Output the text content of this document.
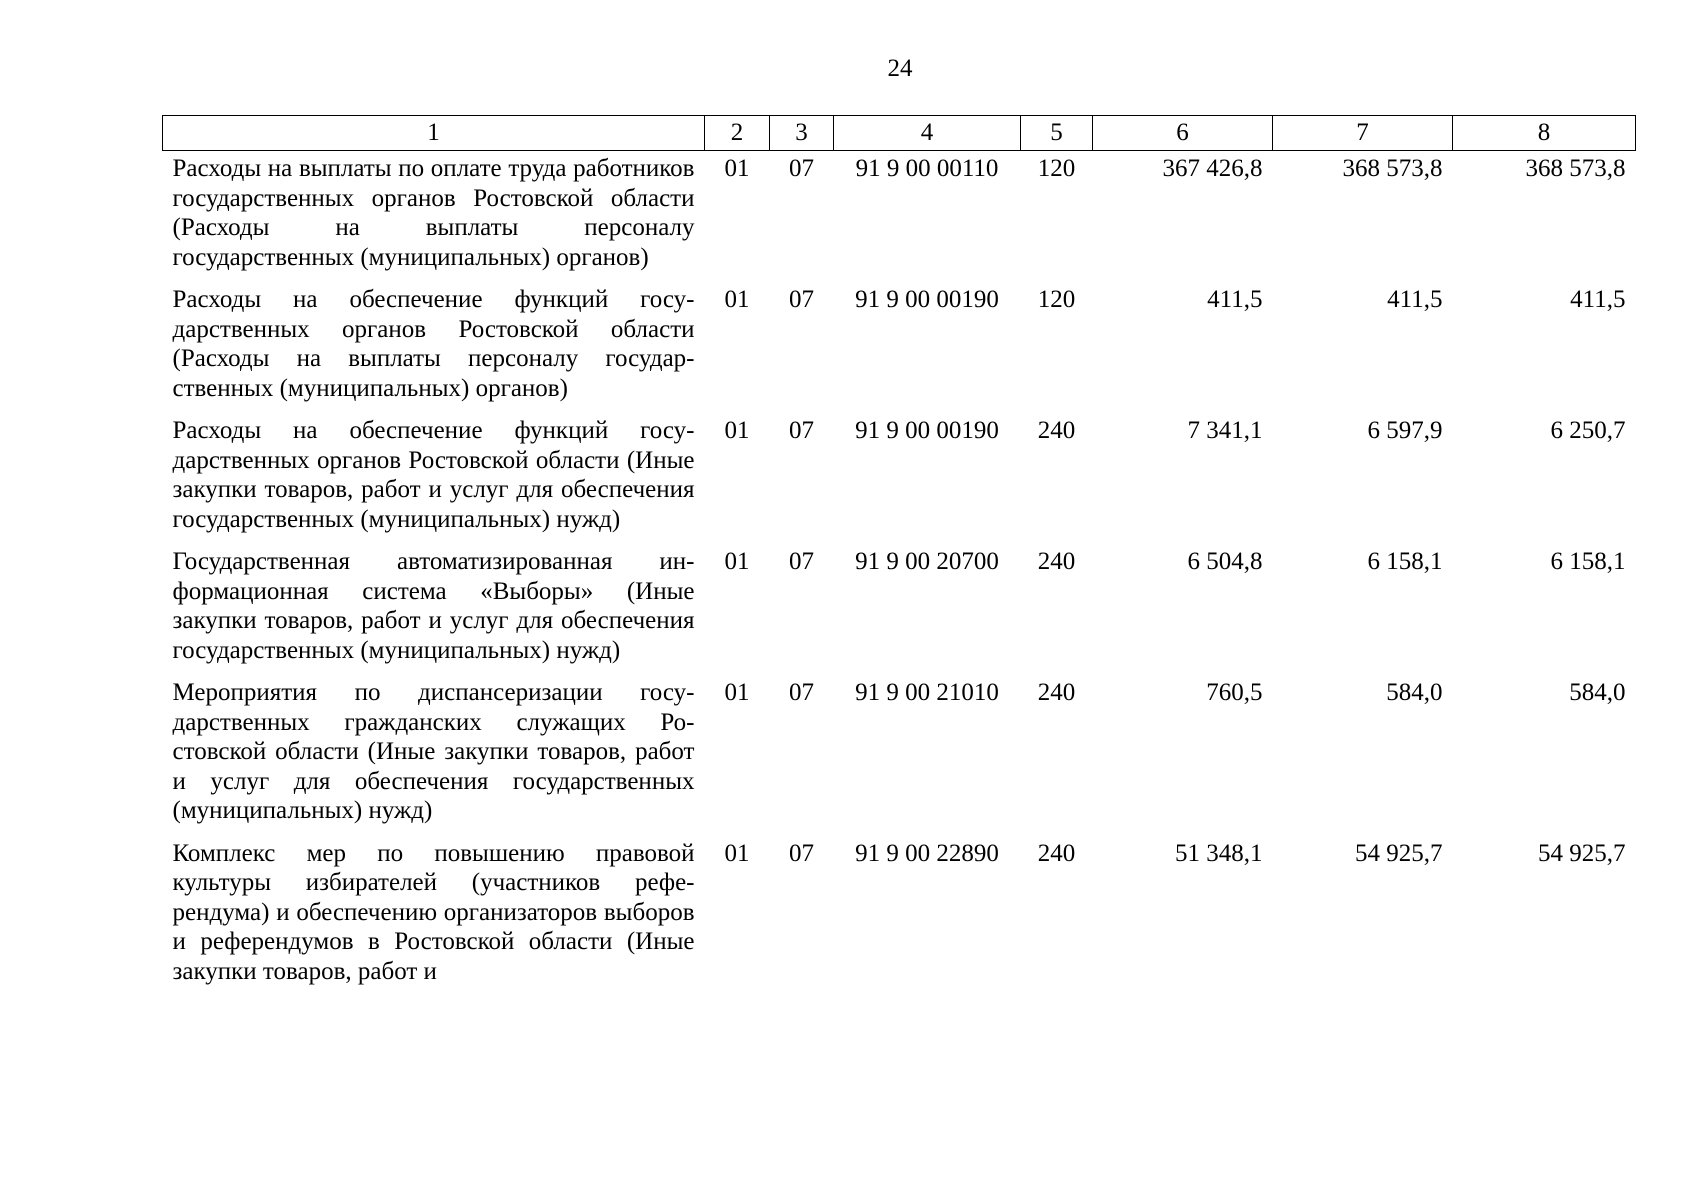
24
1	2	3	4	5	6	7	8
Расходы на выплаты по оплате труда работников государственных органов Ростовской области (Расходы на выплаты персоналу государственных (муниципальных) органов)	01	07	91 9 00 00110	120	367 426,8	368 573,8	368 573,8
Расходы на обеспечение функций государственных органов Ростовской области (Расходы на выплаты персоналу государственных (муниципальных) органов)	01	07	91 9 00 00190	120	411,5	411,5	411,5
Расходы на обеспечение функций государственных органов Ростовской области (Иные закупки товаров, работ и услуг для обеспечения государственных (муниципальных) нужд)	01	07	91 9 00 00190	240	7 341,1	6 597,9	6 250,7
Государственная автоматизированная информационная система «Выборы» (Иные закупки товаров, работ и услуг для обеспечения государственных (муниципальных) нужд)	01	07	91 9 00 20700	240	6 504,8	6 158,1	6 158,1
Мероприятия по диспансеризации государственных гражданских служащих Ростовской области (Иные закупки товаров, работ и услуг для обеспечения государственных (муниципальных) нужд)	01	07	91 9 00 21010	240	760,5	584,0	584,0
Комплекс мер по повышению правовой культуры избирателей (участников референдума) и обеспечению организаторов выборов и референдумов в Ростовской области (Иные закупки товаров, работ и	01	07	91 9 00 22890	240	51 348,1	54 925,7	54 925,7
